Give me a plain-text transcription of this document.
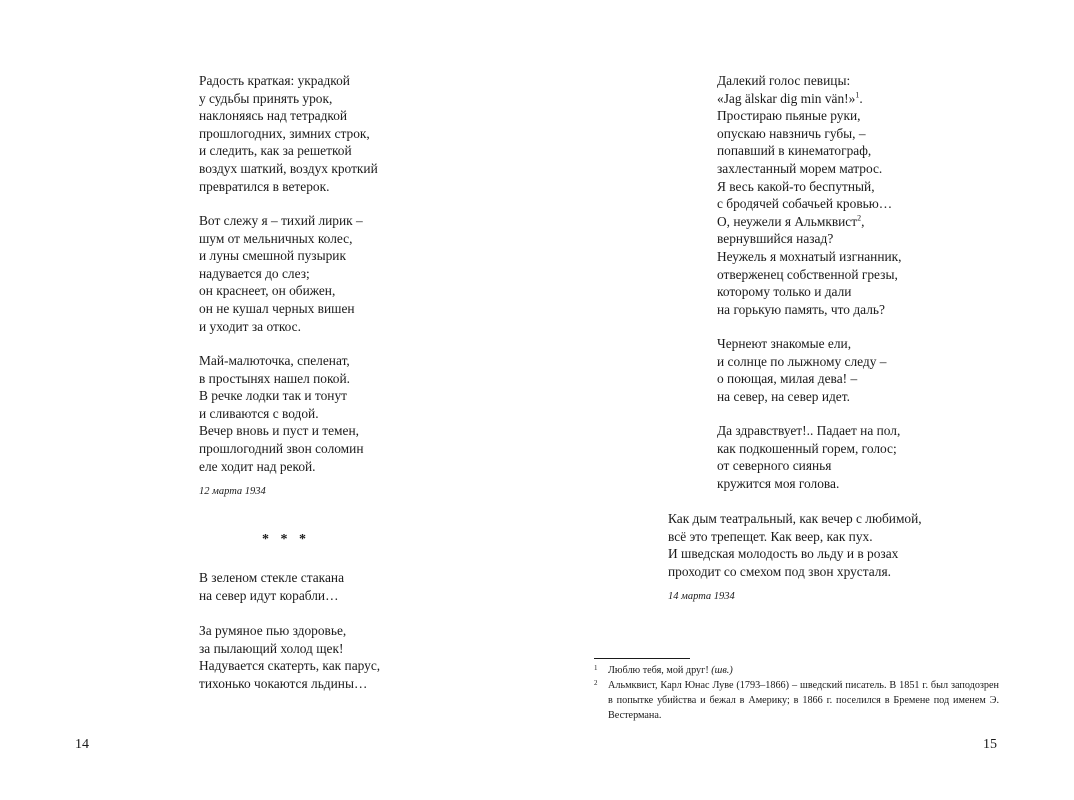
Радость краткая: украдкой
у судьбы принять урок,
наклоняясь над тетрадкой
прошлогодних, зимних строк,
и следить, как за решеткой
воздух шаткий, воздух кроткий
превратился в ветерок.
Вот слежу я – тихий лирик –
шум от мельничных колес,
и луны смешной пузырик
надувается до слез;
он краснеет, он обижен,
он не кушал черных вишен
и уходит за откос.
Май-малюточка, спеленат,
в простынях нашел покой.
В речке лодки так и тонут
и сливаются с водой.
Вечер вновь и пуст и темен,
прошлогодний звон соломин
еле ходит над рекой.
12 марта 1934
* * *
В зеленом стекле стакана
на север идут корабли…
За румяное пью здоровье,
за пылающий холод щек!
Надувается скатерть, как парус,
тихонько чокаются льдины…
14
Далекий голос певицы:
«Jag älskar dig min vän!»$^1$.
Простираю пьяные руки,
опускаю навзничь губы, –
попавший в кинематограф,
захлестанный морем матрос.
Я весь какой-то беспутный,
с бродячей собачьей кровью…
О, неужели я Альмквист$^2$,
вернувшийся назад?
Неужель я мохнатый изгнанник,
отверженец собственной грезы,
которому только и дали
на горькую память, что даль?
Чернеют знакомые ели,
и солнце по лыжному следу –
о поющая, милая дева! –
на север, на север идет.
Да здравствует!.. Падает на пол,
как подкошенный горем, голос;
от северного сиянья
кружится моя голова.
Как дым театральный, как вечер с любимой,
всё это трепещет. Как веер, как пух.
И шведская молодость во льду и в розах
проходит со смехом под звон хрусталя.
14 марта 1934
1 Люблю тебя, мой друг! (шв.)
2 Альмквист, Карл Юнас Луве (1793–1866) – шведский писатель. В 1851 г. был заподозрен в попытке убийства и бежал в Америку; в 1866 г. поселился в Бремене под именем Э. Вестермана.
15
